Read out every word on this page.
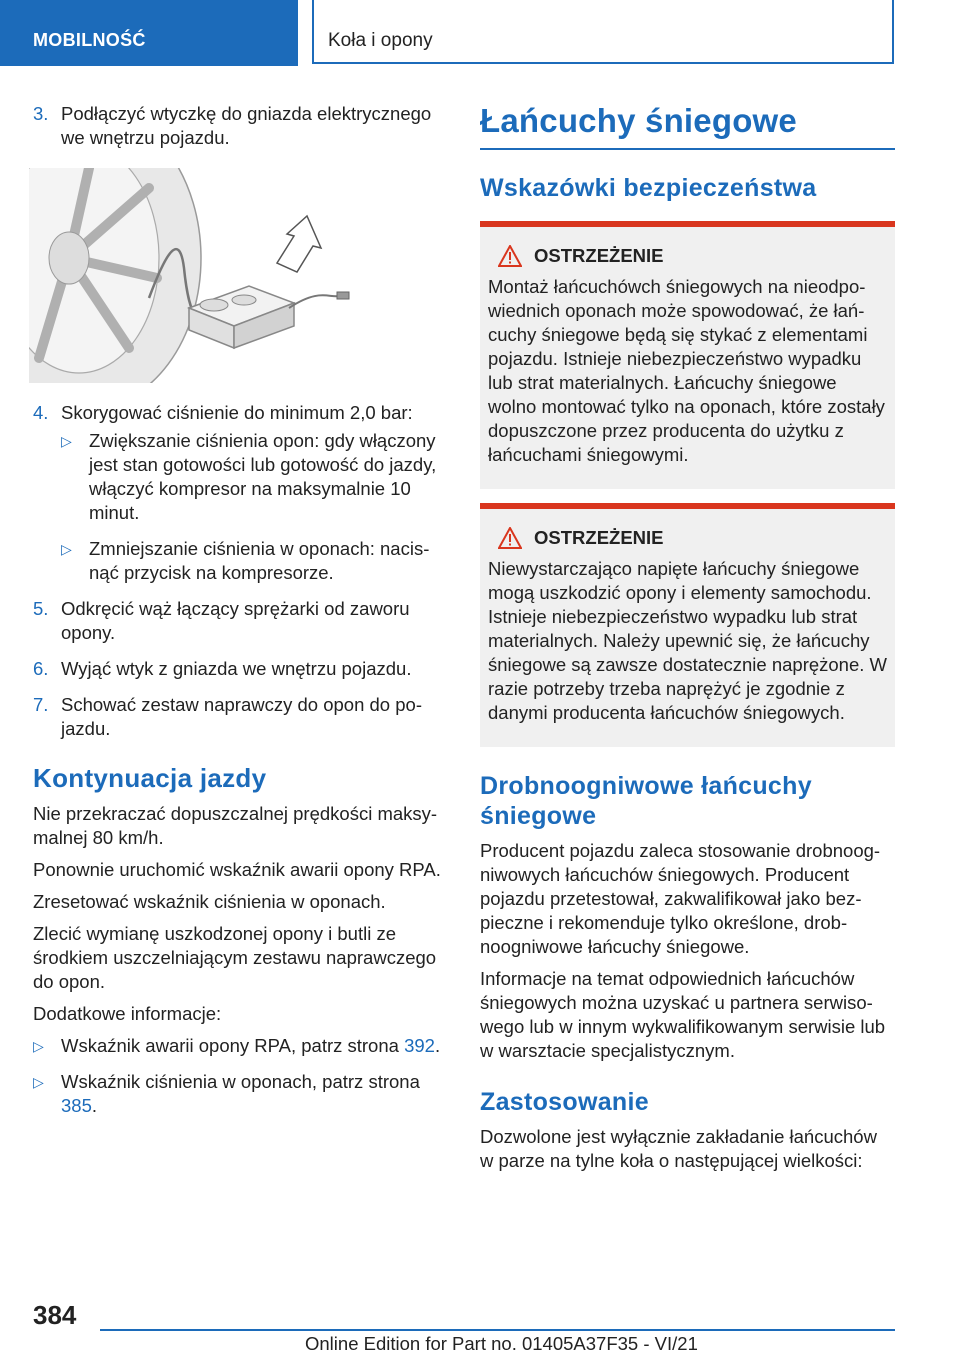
MOBILNOŚĆ	Koła i opony
3. Podłączyć wtyczkę do gniazda elektrycznego we wnętrzu pojazdu.
4. Skorygować ciśnienie do minimum 2,0 bar:
▷ Zwiększanie ciśnienia opon: gdy włączony jest stan gotowości lub gotowość do jazdy, włączyć kompresor na maksymalnie 10 minut.
▷ Zmniejszanie ciśnienia w oponach: nacisnąć przycisk na kompresorze.
5. Odkręcić wąż łączący sprężarki od zaworu opony.
6. Wyjąć wtyk z gniazda we wnętrzu pojazdu.
7. Schować zestaw naprawczy do opon do pojazdu.
Kontynuacja jazdy

Nie przekraczać dopuszczalnej prędkości maksymalnej 80 km/h.

Ponownie uruchomić wskaźnik awarii opony RPA.

Zresetować wskaźnik ciśnienia w oponach.

Zlecić wymianę uszkodzonej opony i butli ze środkiem uszczelniającym zestawu naprawczego do opon.

Dodatkowe informacje:

▷ Wskaźnik awarii opony RPA, patrz strona 392.
▷ Wskaźnik ciśnienia w oponach, patrz strona 385.
Łańcuchy śniegowe
Wskazówki bezpieczeństwa
OSTRZEŻENIE
Montaż łańcuchówch śniegowych na nieodpowiednich oponach może spowodować, że łańcuchy śniegowe będą się stykać z elementami pojazdu. Istnieje niebezpieczeństwo wypadku lub strat materialnych. Łańcuchy śniegowe wolno montować tylko na oponach, które zostały dopuszczone przez producenta do użytku z łańcuchami śniegowymi.
OSTRZEŻENIE
Niewystarczająco napięte łańcuchy śniegowe mogą uszkodzić opony i elementy samochodu. Istnieje niebezpieczeństwo wypadku lub strat materialnych. Należy upewnić się, że łańcuchy śniegowe są zawsze dostatecznie naprężone. W razie potrzeby trzeba naprężyć je zgodnie z danymi producenta łańcuchów śniegowych.
Drobnoogniwowe łańcuchy śniegowe

Producent pojazdu zaleca stosowanie drobnoogniwowych łańcuchów śniegowych. Producent pojazdu przetestował, zakwalifikował jako bezpieczne i rekomenduje tylko określone, drobnoogniwowe łańcuchy śniegowe.

Informacje na temat odpowiednich łańcuchów śniegowych można uzyskać u partnera serwisowego lub w innym wykwalifikowanym serwisie lub w warsztacie specjalistycznym.

Zastosowanie

Dozwolone jest wyłącznie zakładanie łańcuchów w parze na tylne koła o następującej wielkości:

384
Online Edition for Part no. 01405A37F35 - VI/21
